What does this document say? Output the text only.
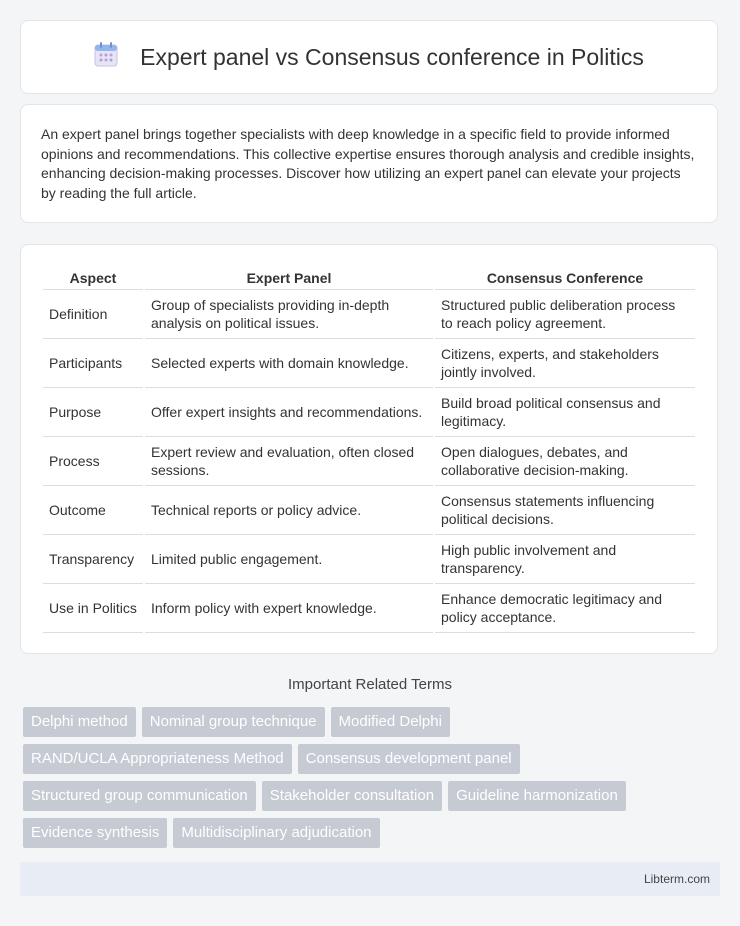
Expert panel vs Consensus conference in Politics

An expert panel brings together specialists with deep knowledge in a specific field to provide informed opinions and recommendations. This collective expertise ensures thorough analysis and credible insights, enhancing decision-making processes. Discover how utilizing an expert panel can elevate your projects by reading the full article.

Aspect	Expert Panel	Consensus Conference
Definition	Group of specialists providing in-depth analysis on political issues.	Structured public deliberation process to reach policy agreement.
Participants	Selected experts with domain knowledge.	Citizens, experts, and stakeholders jointly involved.
Purpose	Offer expert insights and recommendations.	Build broad political consensus and legitimacy.
Process	Expert review and evaluation, often closed sessions.	Open dialogues, debates, and collaborative decision-making.
Outcome	Technical reports or policy advice.	Consensus statements influencing political decisions.
Transparency	Limited public engagement.	High public involvement and transparency.
Use in Politics	Inform policy with expert knowledge.	Enhance democratic legitimacy and policy acceptance.
Important Related Terms
Delphi method	Nominal group technique	Modified Delphi
RAND/UCLA Appropriateness Method	Consensus development panel
Structured group communication	Stakeholder consultation	Guideline harmonization
Evidence synthesis	Multidisciplinary adjudication
Libterm.com
